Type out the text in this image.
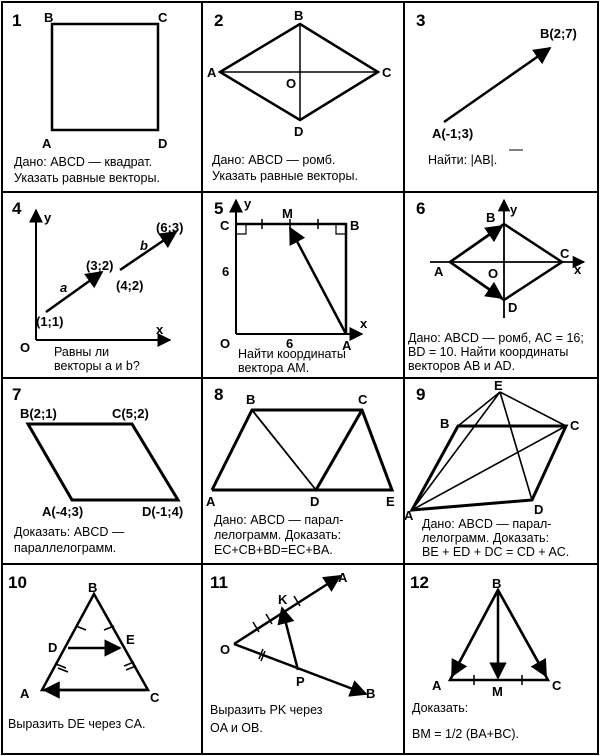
1 B	C
A	D
Дано: ABCD — квадрат.
Указать равные векторы.
2	B
A	C
D
O
Дано: ABCD — ромб.
Указать равные векторы.
3
B(2;7)
A(-1;3)
Найти: |AB|.
4 y
x
O
(1;1)
(3;2)
(4;2)
(6;3)
a
b
Равны ли
векторы a и b?
5 y
x
O
C
M
B
A
6
6
Найти координаты
вектора AM.
6	y
x
B
A
C
D
O
Дано: ABCD — ромб, AC = 16;
BD = 10. Найти координаты
векторов AB и AD.
7
B(2;1)	C(5;2)
A(-4;3)	D(-1;4)
Доказать: ABCD —
параллелограмм.
8 B	C
A	D	E
Дано: ABCD — парал-
лелограмм. Доказать:
EC+CB+BD=EC+BA.
9	E
B	C
D
A
Дано: ABCD — парал-
лелограмм. Доказать:
BE + ED + DC = CD + AC.
10	B
D
E
A	C
Выразить DE через CA.
11
O
K
P
A
B
Выразить PK через
OA и OB.
12	B
A	M	C
Доказать:
BM = 1/2 (BA+BC).
